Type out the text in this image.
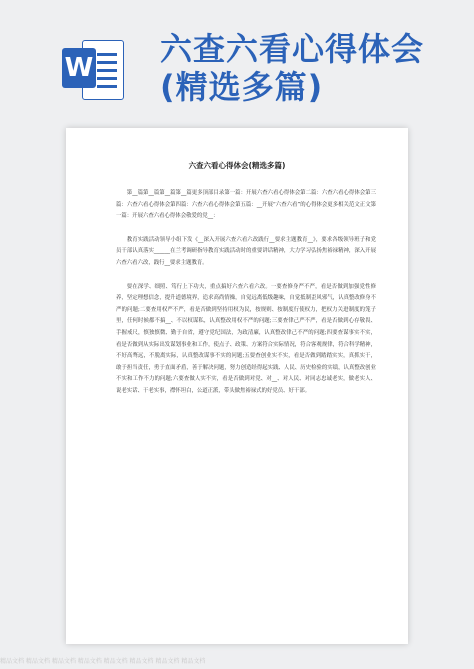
W 六查六看心得体会
(精选多篇)
六查六看心得体会(精选多篇)

第__篇第__篇第__篇第__篇更多顶部目录第一篇：开展六查六看心得体会第二篇：六查六看心得体会第三篇：六查六看心得体会第四篇：六查六看心得体会第五篇：__开展“六查六看”的心得体会更多相关范文正文第一篇：开展六查六看心得体会敬爱的党__：

教育实践活动领导小组下发《__深入开展六查六看六改践行__要求主题教育__》，要求各级领导班子和党员干部认真落实______在兰考调研指导教育实践活动时的重要讲话精神，大力学习弘扬焦裕禄精神，深入开展六查六看六改，践行__要求主题教育。

要在深学、细照、笃行上下功夫，重点搞好六查六看六改。一要查修身严不严，看是否做到加强党性修养，坚定理想信念，提升道德境界，追求高尚情操，自觉远离低级趣味，自觉抵制歪风邪气，认真整改修身不严的问题;二要查用权严不严，看是否做到坚持用权为民，按规则、按制度行使权力，把权力关进制度的笼子里，任何时候都不搞__、不以权谋私，认真整改用权不严的问题;三要查律己严不严，看是否做到心存敬畏、手握戒尺，慎独慎微、勤于自省，遵守党纪国法，为政清廉，认真整改律己不严的问题;四要查谋事实不实，看是否做到从实际出发谋划事业和工作，使点子、政策、方案符合实际情况，符合客观规律，符合科学精神，不好高骛远，不脱离实际，认真整改谋事不实的问题;五要查创业实不实，看是否做到踏踏实实，真抓实干，敢于担当责任，勇于直面矛盾，善于解决问题，努力创造经得起实践、人民、历史检验的实绩，认真整改创业不实和工作不力的问题;六要查做人实不实，看是否做到对党、对__、对人民、对同志忠诚老实，做老实人、说老实话、干老实事，襟怀坦白，公道正派，带头做焦裕禄式的好党员、好干部。

精品文档 精品文档 精品文档 精品文档 精品文档 精品文档 精品文档 精品文档
